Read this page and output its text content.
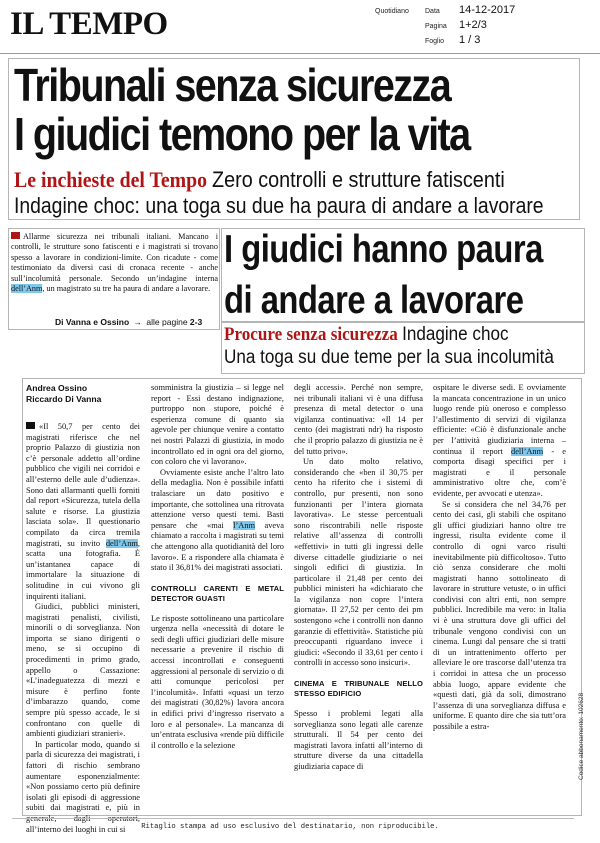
IL TEMPO	Quotidiano Data	14-12-2017
Pagina	1+2/3
Foglio	1 / 3
Tribunali senza sicurezza
I giudici temono per la vita
Le inchieste del Tempo Zero controlli e strutture fatiscenti
Indagine choc: una toga su due ha paura di andare a lavorare
Allarme sicurezza nei tribunali italiani. Mancano i controlli, le strutture sono fatiscenti e i magistrati si trovano spesso a lavorare in condizioni-limite. Con ricadute - come testimoniato da diversi casi di cronaca recente - anche sull’incolumità personale. Secondo un’indagine interna dell’Anm, un magistrato su tre ha paura di andare a lavorare.
Di Vanna e Ossino → alle pagine 2-3
I giudici hanno paura
di andare a lavorare
Procure senza sicurezza Indagine choc
Una toga su due teme per la sua incolumità
Andrea Ossino
Riccardo Di Vanna

«Il 50,7 per cento dei magistrati riferisce che nel proprio Palazzo di giustizia non c’è personale addetto all’ordine pubblico che vigili nei corridoi e all’esterno delle aule d’udienza». Sono dati allarmanti quelli forniti dal report «Sicurezza, tutela della salute e risorse. La giustizia lasciata sola». Il questionario compilato da circa tremila magistrati, su invito dell’Anm, scatta una fotografia. È un’istantanea capace di immortalare la situazione di solitudine in cui vivono gli inquirenti italiani.

Giudici, pubblici ministeri, magistrati penalisti, civilisti, minorili o di sorveglianza. Non importa se siano dirigenti o meno, se si occupino di procedimenti in primo grado, appello o Cassazione: «L’inadeguatezza di mezzi e misure è perfino fonte d’imbarazzo quando, come sempre più spesso accade, le si confrontano con quelle di ambienti giudiziari stranieri».

In particolar modo, quando si parla di sicurezza dei magistrati, i fattori di rischio sembrano aumentare esponenzialmente: «Non possiamo certo più definire isolati gli episodi di aggressione subiti dai magistrati e, più in generale, dagli operatori, all’interno dei luoghi in cui si

somministra la giustizia – si legge nel report - Essi destano indignazione, purtroppo non stupore, poiché è esperienza comune di quanto sia agevole per chiunque venire a contatto nei nostri Palazzi di giustizia, in modo incontrollato ed in ogni ora del giorno, con coloro che vi lavorano».

Ovviamente esiste anche l’altro lato della medaglia. Non è possibile infatti tralasciare un dato positivo e importante, che sottolinea una ritrovata attenzione verso questi temi. Basti pensare che «mai l’Anm aveva chiamato a raccolta i magistrati su temi che attengono alla quotidianità del loro lavoro». E a rispondere alla chiamata è stato il 36,81% dei magistrati associati.

CONTROLLI CARENTI E METAL DETECTOR GUASTI

Le risposte sottolineano una particolare urgenza nella «necessità di dotare le sedi degli uffici giudiziari delle misure necessarie a prevenire il rischio di accessi incontrollati e conseguenti aggressioni al personale di servizio o di atti comunque pericolosi per l’incolumità». Infatti «quasi un terzo dei magistrati (30,82%) lavora ancora in edifici privi d’ingresso riservato a loro e al personale». La mancanza di un’entrata esclusiva «rende più difficile il controllo e la selezione

degli accessi». Perché non sempre, nei tribunali italiani vi è una diffusa presenza di metal detector o una vigilanza continuativa: «Il 14 per cento (dei magistrati ndr) ha risposto che il proprio palazzo di giustizia ne è del tutto privo».

Un dato molto relativo, considerando che «ben il 30,75 per cento ha riferito che i sistemi di controllo, pur presenti, non sono funzionanti per l’intera giornata lavorativa». Le stesse percentuali sono riscontrabili nelle risposte relative all’assenza di controlli «effettivi» in tutti gli ingressi delle diverse cittadelle giudiziarie o nei singoli edifici di giustizia. In particolare il 21,48 per cento dei pubblici ministeri ha «dichiarato che la vigilanza non copre l’intera giornata». Il 27,52 per cento dei pm sostengono «che i controlli non danno garanzie di effettività». Statistiche più preoccupanti riguardano invece i giudici: «Secondo il 33,61 per cento i controlli in accesso sono insicuri».

CINEMA E TRIBUNALE NELLO STESSO EDIFICIO

Spesso i problemi legati alla sorveglianza sono legati alle carenze strutturali. Il 54 per cento dei magistrati lavora infatti all’interno di strutture diverse da una cittadella giudiziaria capace di

ospitare le diverse sedi. E ovviamente la mancata concentrazione in un unico luogo rende più oneroso e complesso l’allestimento di servizi di vigilanza efficiente: «Ciò è disfunzionale anche per l’attività giudiziaria interna – continua il report dell’Anm - e comporta disagi specifici per i magistrati e il personale amministrativo oltre che, com’è evidente, per avvocati e utenza».

Se si considera che nel 34,76 per cento dei casi, gli stabili che ospitano gli uffici giudiziari hanno oltre tre ingressi, risulta evidente come il controllo di ogni varco risulti inevitabilmente più difficoltoso». Tutto ciò senza considerare che molti magistrati hanno sottolineato di lavorare in strutture vetuste, o in uffici condivisi con altri enti, non sempre pubblici. Incredibile ma vero: in Italia vi è una struttura dove gli uffici del tribunale vengono condivisi con un cinema. Lungi dal pensare che si tratti di un intrattenimento offerto per alleviare le ore trascorse dall’utenza tra i corridoi in attesa che un processo abbia luogo, appare evidente che «questi dati, già da soli, dimostrano l’assenza di una sorveglianza diffusa e uniforme. E quanto dire che sia tutt’ora possibile a estra-

Ritaglio stampa ad uso esclusivo del destinatario, non riproducibile.
Codice abbonamento: 102628
